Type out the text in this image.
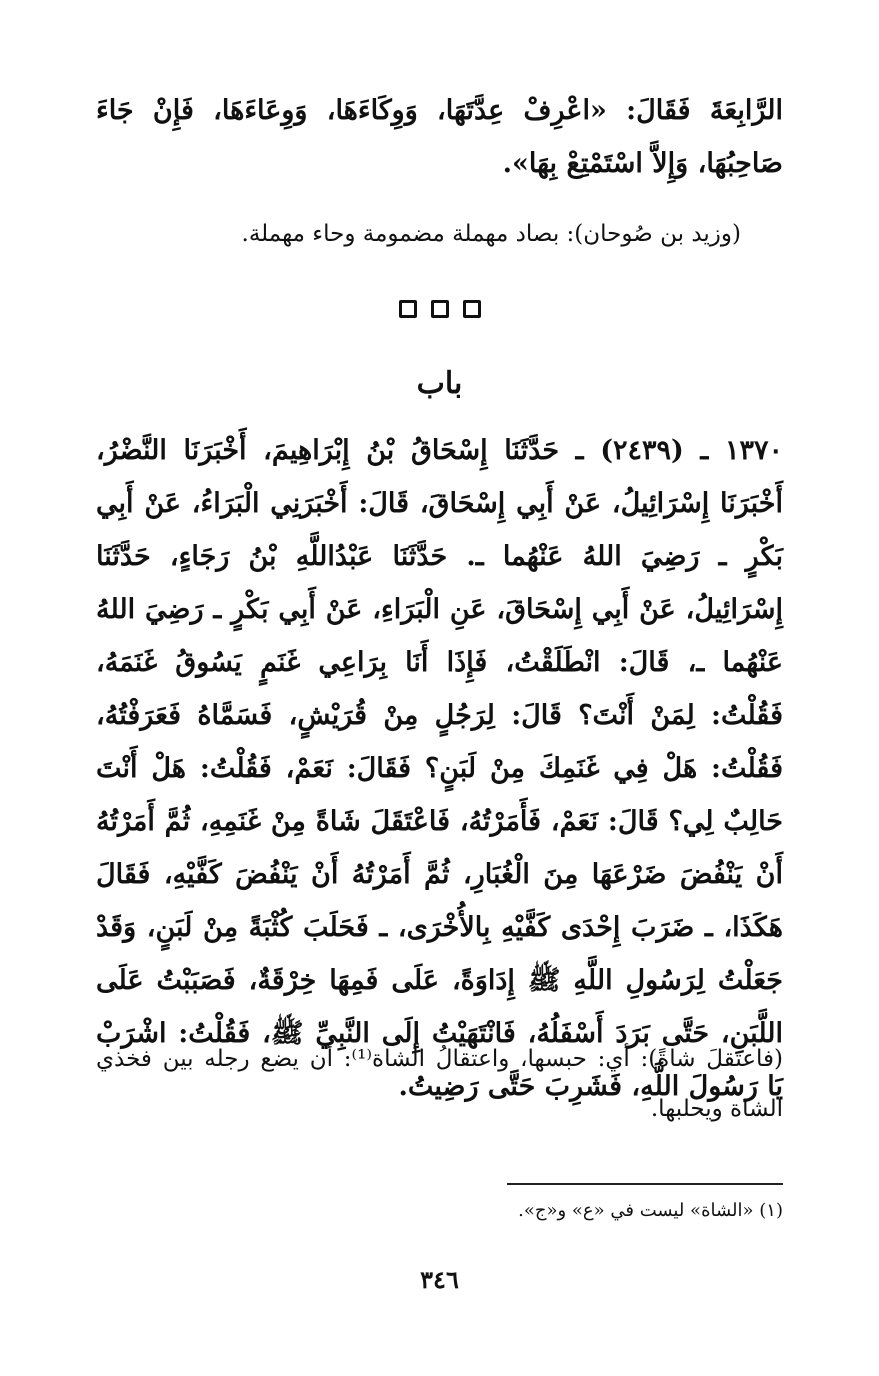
الرَّابِعَةَ فَقَالَ: «اعْرِفْ عِدَّتَهَا، وَوِكَاءَهَا، وَوِعَاءَهَا، فَإِنْ جَاءَ صَاحِبُهَا، وَإِلاَّ اسْتَمْتِعْ بِهَا».

(وزيد بن صُوحان): بصاد مهملة مضمومة وحاء مهملة.

باب

١٣٧٠ ـ (٢٤٣٩) ـ حَدَّثَنَا إِسْحَاقُ بْنُ إِبْرَاهِيمَ، أَخْبَرَنَا النَّضْرُ، أَخْبَرَنَا إِسْرَائِيلُ، عَنْ أَبِي إِسْحَاقَ، قَالَ: أَخْبَرَنِي الْبَرَاءُ، عَنْ أَبِي بَكْرٍ ـ رَضِيَ اللهُ عَنْهُما ـ. حَدَّثَنَا عَبْدُاللَّهِ بْنُ رَجَاءٍ، حَدَّثَنَا إِسْرَائِيلُ، عَنْ أَبِي إِسْحَاقَ، عَنِ الْبَرَاءِ، عَنْ أَبِي بَكْرٍ ـ رَضِيَ اللهُ عَنْهُما ـ، قَالَ: انْطَلَقْتُ، فَإِذَا أَنَا بِرَاعِي غَنَمٍ يَسُوقُ غَنَمَهُ، فَقُلْتُ: لِمَنْ أَنْتَ؟ قَالَ: لِرَجُلٍ مِنْ قُرَيْشٍ، فَسَمَّاهُ فَعَرَفْتُهُ، فَقُلْتُ: هَلْ فِي غَنَمِكَ مِنْ لَبَنٍ؟ فَقَالَ: نَعَمْ، فَقُلْتُ: هَلْ أَنْتَ حَالِبٌ لِي؟ قَالَ: نَعَمْ، فَأَمَرْتُهُ، فَاعْتَقَلَ شَاةً مِنْ غَنَمِهِ، ثُمَّ أَمَرْتُهُ أَنْ يَنْفُضَ ضَرْعَهَا مِنَ الْغُبَارِ، ثُمَّ أَمَرْتُهُ أَنْ يَنْفُضَ كَفَّيْهِ، فَقَالَ هَكَذَا، ـ ضَرَبَ إِحْدَى كَفَّيْهِ بِالأُخْرَى، ـ فَحَلَبَ كُثْبَةً مِنْ لَبَنٍ، وَقَدْ جَعَلْتُ لِرَسُولِ اللَّهِ ﷺ إِدَاوَةً، عَلَى فَمِهَا خِرْقَةٌ، فَصَبَبْتُ عَلَى اللَّبَنِ، حَتَّى بَرَدَ أَسْفَلُهُ، فَانْتَهَيْتُ إِلَى النَّبِيِّ ﷺ، فَقُلْتُ: اشْرَبْ يَا رَسُولَ اللَّهِ، فَشَرِبَ حَتَّى رَضِيتُ.

(فاعتقلَ شاةً): أي: حبسها، واعتقالُ الشاة⁽¹⁾: أن يضع رجله بين فخذي الشاة ويحلبها.

(١) «الشاة» ليست في «ع» و«ج».

٣٤٦
